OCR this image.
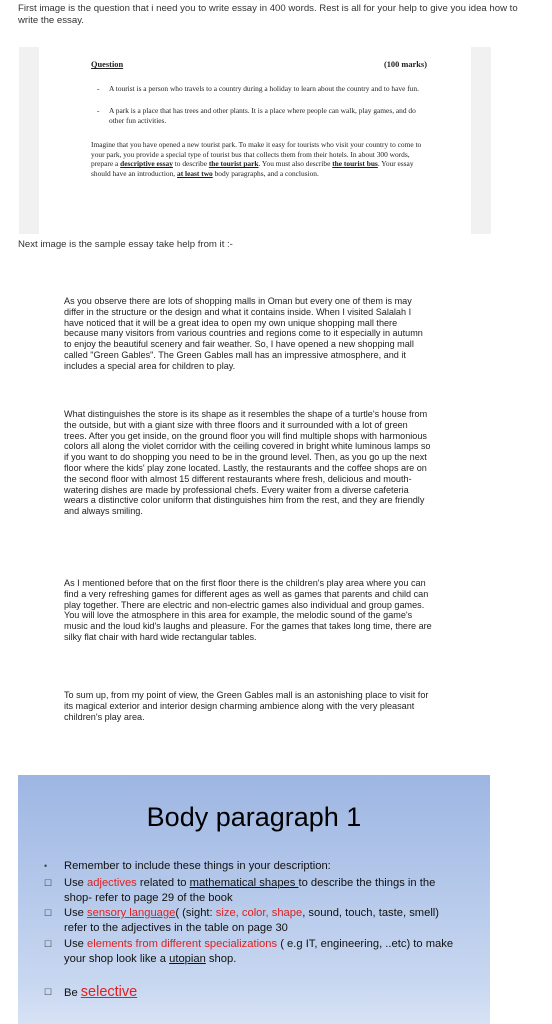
First image is the question that i need you to write essay in 400 words. Rest is all for your help to give you idea how to write the essay.
Question	(100 marks)
- A tourist is a person who travels to a country during a holiday to learn about the country and to have fun.
- A park is a place that has trees and other plants. It is a place where people can walk, play games, and do other fun activities.
Imagine that you have opened a new tourist park. To make it easy for tourists who visit your country to come to your park, you provide a special type of tourist bus that collects them from their hotels. In about 300 words, prepare a descriptive essay to describe the tourist park. You must also describe the tourist bus. Your essay should have an introduction, at least two body paragraphs, and a conclusion.
Next image is the sample essay take help from it :-
As you observe there are lots of shopping malls in Oman but every one of them is may differ in the structure or the design and what it contains inside. When I visited Salalah I have noticed that it will be a great idea to open my own unique shopping mall there because many visitors from various countries and regions come to it especially in autumn to enjoy the beautiful scenery and fair weather. So, I have opened a new shopping mall called "Green Gables". The Green Gables mall has an impressive atmosphere, and it includes a special area for children to play.
What distinguishes the store is its shape as it resembles the shape of a turtle's house from the outside, but with a giant size with three floors and it surrounded with a lot of green trees. After you get inside, on the ground floor you will find multiple shops with harmonious colors all along the violet corridor with the ceiling covered in bright white luminous lamps so if you want to do shopping you need to be in the ground level. Then, as you go up the next floor where the kids' play zone located. Lastly, the restaurants and the coffee shops are on the second floor with almost 15 different restaurants where fresh, delicious and mouth-watering dishes are made by professional chefs. Every waiter from a diverse cafeteria wears a distinctive color uniform that distinguishes him from the rest, and they are friendly and always smiling.
As I mentioned before that on the first floor there is the children's play area where you can find a very refreshing games for different ages as well as games that parents and child can play together. There are electric and non-electric games also individual and group games. You will love the atmosphere in this area for example, the melodic sound of the game's music and the loud kid's laughs and pleasure. For the games that takes long time, there are silky flat chair with hard wide rectangular tables.
To sum up, from my point of view, the Green Gables mall is an astonishing place to visit for its magical exterior and interior design charming ambience along with the very pleasant children's play area.
Body paragraph 1
• Remember to include these things in your description:
☐ Use adjectives related to mathematical shapes to describe the things in the shop- refer to page 29 of the book
☐ Use sensory language( (sight: size, color, shape, sound, touch, taste, smell) refer to the adjectives in the table on page 30
☐ Use elements from different specializations ( e.g IT, engineering, ..etc) to make your shop look like a utopian shop.
☐ Be selective
